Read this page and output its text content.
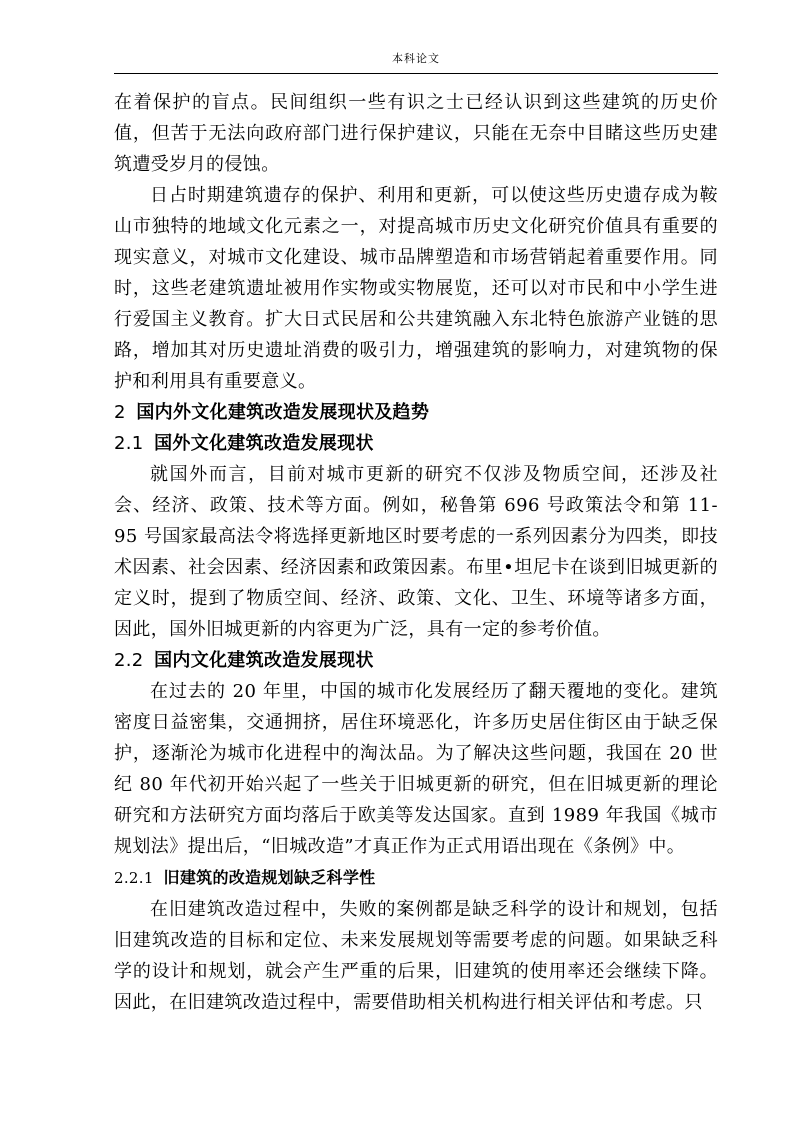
本科论文

在着保护的盲点。民间组织一些有识之士已经认识到这些建筑的历史价值，但苦于无法向政府部门进行保护建议，只能在无奈中目睹这些历史建筑遭受岁月的侵蚀。

日占时期建筑遗存的保护、利用和更新，可以使这些历史遗存成为鞍山市独特的地域文化元素之一，对提高城市历史文化研究价值具有重要的现实意义，对城市文化建设、城市品牌塑造和市场营销起着重要作用。同时，这些老建筑遗址被用作实物或实物展览，还可以对市民和中小学生进行爱国主义教育。扩大日式民居和公共建筑融入东北特色旅游产业链的思路，增加其对历史遗址消费的吸引力，增强建筑的影响力，对建筑物的保护和利用具有重要意义。

2 国内外文化建筑改造发展现状及趋势
2.1 国外文化建筑改造发展现状

就国外而言，目前对城市更新的研究不仅涉及物质空间，还涉及社会、经济、政策、技术等方面。例如，秘鲁第 696 号政策法令和第 11-95 号国家最高法令将选择更新地区时要考虑的一系列因素分为四类，即技术因素、社会因素、经济因素和政策因素。布里•坦尼卡在谈到旧城更新的定义时，提到了物质空间、经济、政策、文化、卫生、环境等诸多方面，因此，国外旧城更新的内容更为广泛，具有一定的参考价值。

2.2 国内文化建筑改造发展现状

在过去的 20 年里，中国的城市化发展经历了翻天覆地的变化。建筑密度日益密集，交通拥挤，居住环境恶化，许多历史居住街区由于缺乏保护，逐渐沦为城市化进程中的淘汰品。为了解决这些问题，我国在 20 世纪 80 年代初开始兴起了一些关于旧城更新的研究，但在旧城更新的理论研究和方法研究方面均落后于欧美等发达国家。直到 1989 年我国《城市规划法》提出后，“旧城改造”才真正作为正式用语出现在《条例》中。

2.2.1 旧建筑的改造规划缺乏科学性

在旧建筑改造过程中，失败的案例都是缺乏科学的设计和规划，包括旧建筑改造的目标和定位、未来发展规划等需要考虑的问题。如果缺乏科学的设计和规划，就会产生严重的后果，旧建筑的使用率还会继续下降。因此，在旧建筑改造过程中，需要借助相关机构进行相关评估和考虑。只
